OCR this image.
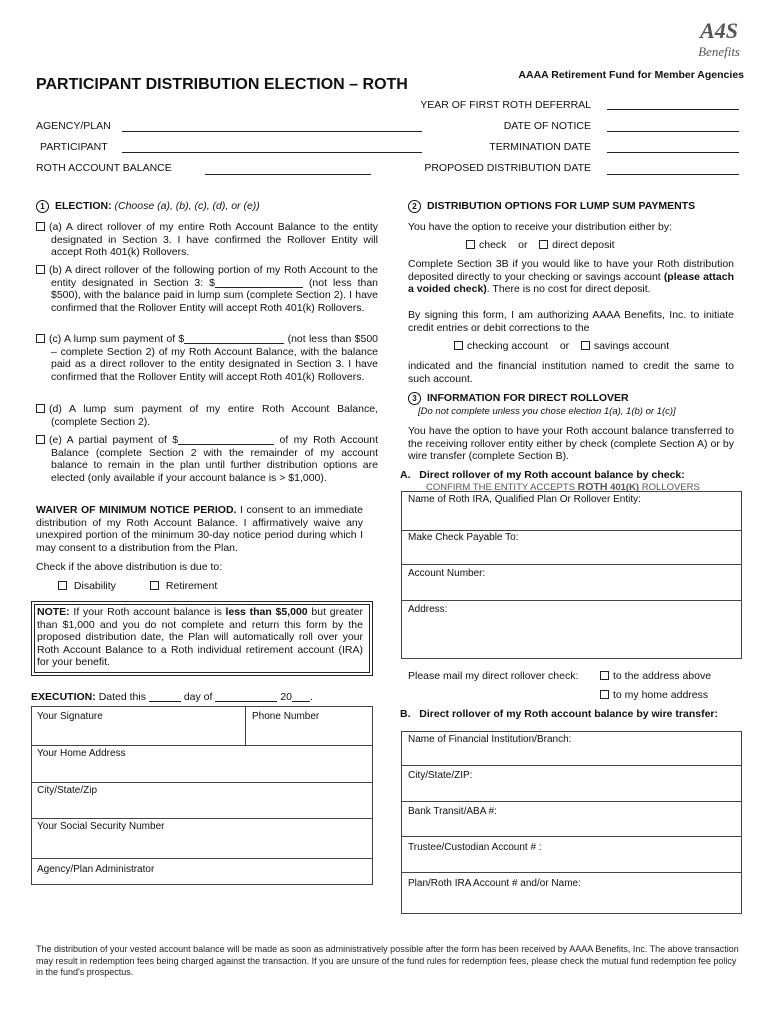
A4S
Benefits
AAAA Retirement Fund for Member Agencies
PARTICIPANT DISTRIBUTION ELECTION – ROTH
YEAR OF FIRST ROTH DEFERRAL
AGENCY/PLAN	DATE OF NOTICE
PARTICIPANT	TERMINATION DATE
ROTH ACCOUNT BALANCE	PROPOSED DISTRIBUTION DATE
1 ELECTION: (Choose (a), (b), (c), (d), or (e))
(a) A direct rollover of my entire Roth Account Balance to the entity designated in Section 3. I have confirmed the Rollover Entity will accept Roth 401(k) Rollovers.
(b) A direct rollover of the following portion of my Roth Account to the entity designated in Section 3: $	(not less than $500), with the balance paid in lump sum (complete Section 2). I have confirmed that the Rollover Entity will accept Roth 401(k) Rollovers.
(c) A lump sum payment of $	(not less than $500 – complete Section 2) of my Roth Account Balance, with the balance paid as a direct rollover to the entity designated in Section 3. I have confirmed that the Rollover Entity will accept Roth 401(k) Rollovers.
(d) A lump sum payment of my entire Roth Account Balance, (complete Section 2).
(e) A partial payment of $	of my Roth Account Balance (complete Section 2 with the remainder of my account balance to remain in the plan until further distribution options are elected (only available if your account balance is > $1,000).
WAIVER OF MINIMUM NOTICE PERIOD. I consent to an immediate distribution of my Roth Account Balance. I affirmatively waive any unexpired portion of the minimum 30-day notice period during which I may consent to a distribution from the Plan.
Check if the above distribution is due to:
Disability	Retirement
NOTE: If your Roth account balance is less than $5,000 but greater than $1,000 and you do not complete and return this form by the proposed distribution date, the Plan will automatically roll over your Roth Account Balance to a Roth individual retirement account (IRA) for your benefit.
EXECUTION: Dated this	day of	20 .
Your Signature	Phone Number
Your Home Address
City/State/Zip
Your Social Security Number
Agency/Plan Administrator
2 DISTRIBUTION OPTIONS FOR LUMP SUM PAYMENTS
You have the option to receive your distribution either by:
check or direct deposit
Complete Section 3B if you would like to have your Roth distribution deposited directly to your checking or savings account (please attach a voided check). There is no cost for direct deposit.
By signing this form, I am authorizing AAAA Benefits, Inc. to initiate credit entries or debit corrections to the
checking account or savings account
indicated and the financial institution named to credit the same to such account.
3 INFORMATION FOR DIRECT ROLLOVER
[Do not complete unless you chose election 1(a), 1(b) or 1(c)]
You have the option to have your Roth account balance transferred to the receiving rollover entity either by check (complete Section A) or by wire transfer (complete Section B).
A. Direct rollover of my Roth account balance by check:
CONFIRM THE ENTITY ACCEPTS ROTH 401(K) ROLLOVERS
Name of Roth IRA, Qualified Plan Or Rollover Entity:
Make Check Payable To:
Account Number:
Address:
Please mail my direct rollover check:	to the address above
to my home address
B. Direct rollover of my Roth account balance by wire transfer:
Name of Financial Institution/Branch:
City/State/ZIP:
Bank Transit/ABA #:
Trustee/Custodian Account # :
Plan/Roth IRA Account # and/or Name:
The distribution of your vested account balance will be made as soon as administratively possible after the form has been received by AAAA Benefits, Inc. The above transaction may result in redemption fees being charged against the transaction. If you are unsure of the fund rules for redemption fees, please check the mutual fund redemption fee policy in the fund's prospectus.
